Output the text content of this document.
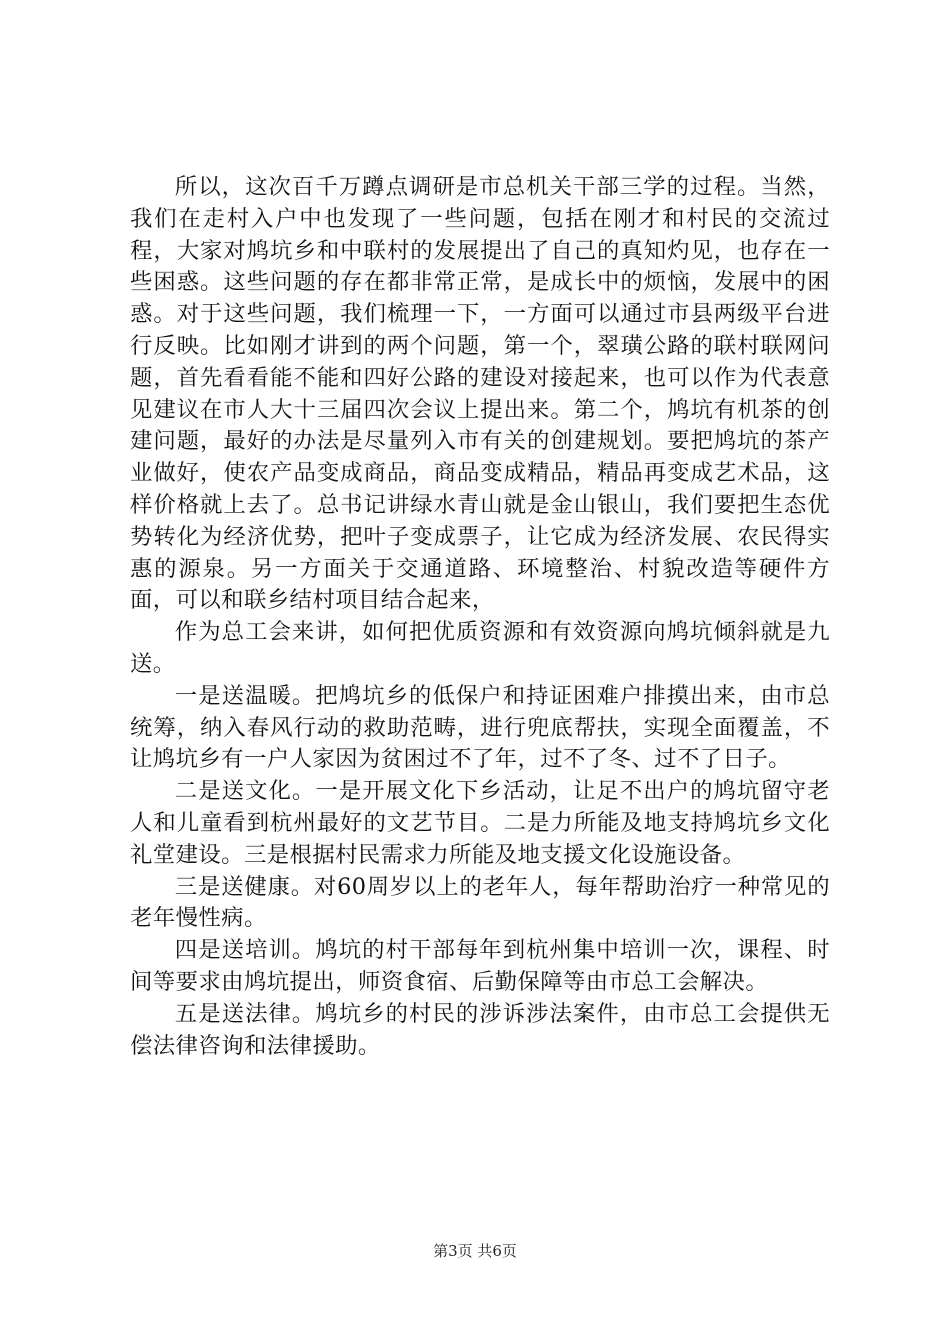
所以，这次百千万蹲点调研是市总机关干部三学的过程。当然，我们在走村入户中也发现了一些问题，包括在刚才和村民的交流过程，大家对鸠坑乡和中联村的发展提出了自己的真知灼见，也存在一些困惑。这些问题的存在都非常正常，是成长中的烦恼，发展中的困惑。对于这些问题，我们梳理一下，一方面可以通过市县两级平台进行反映。比如刚才讲到的两个问题，第一个，翠璜公路的联村联网问题，首先看看能不能和四好公路的建设对接起来，也可以作为代表意见建议在市人大十三届四次会议上提出来。第二个，鸠坑有机茶的创建问题，最好的办法是尽量列入市有关的创建规划。要把鸠坑的茶产业做好，使农产品变成商品，商品变成精品，精品再变成艺术品，这样价格就上去了。总书记讲绿水青山就是金山银山，我们要把生态优势转化为经济优势，把叶子变成票子，让它成为经济发展、农民得实惠的源泉。另一方面关于交通道路、环境整治、村貌改造等硬件方面，可以和联乡结村项目结合起来，

作为总工会来讲，如何把优质资源和有效资源向鸠坑倾斜就是九送。

一是送温暖。把鸠坑乡的低保户和持证困难户排摸出来，由市总统筹，纳入春风行动的救助范畴，进行兜底帮扶，实现全面覆盖，不让鸠坑乡有一户人家因为贫困过不了年，过不了冬、过不了日子。

二是送文化。一是开展文化下乡活动，让足不出户的鸠坑留守老人和儿童看到杭州最好的文艺节目。二是力所能及地支持鸠坑乡文化礼堂建设。三是根据村民需求力所能及地支援文化设施设备。

三是送健康。对60周岁以上的老年人，每年帮助治疗一种常见的老年慢性病。

四是送培训。鸠坑的村干部每年到杭州集中培训一次，课程、时间等要求由鸠坑提出，师资食宿、后勤保障等由市总工会解决。

五是送法律。鸠坑乡的村民的涉诉涉法案件，由市总工会提供无偿法律咨询和法律援助。

第3页 共6页
